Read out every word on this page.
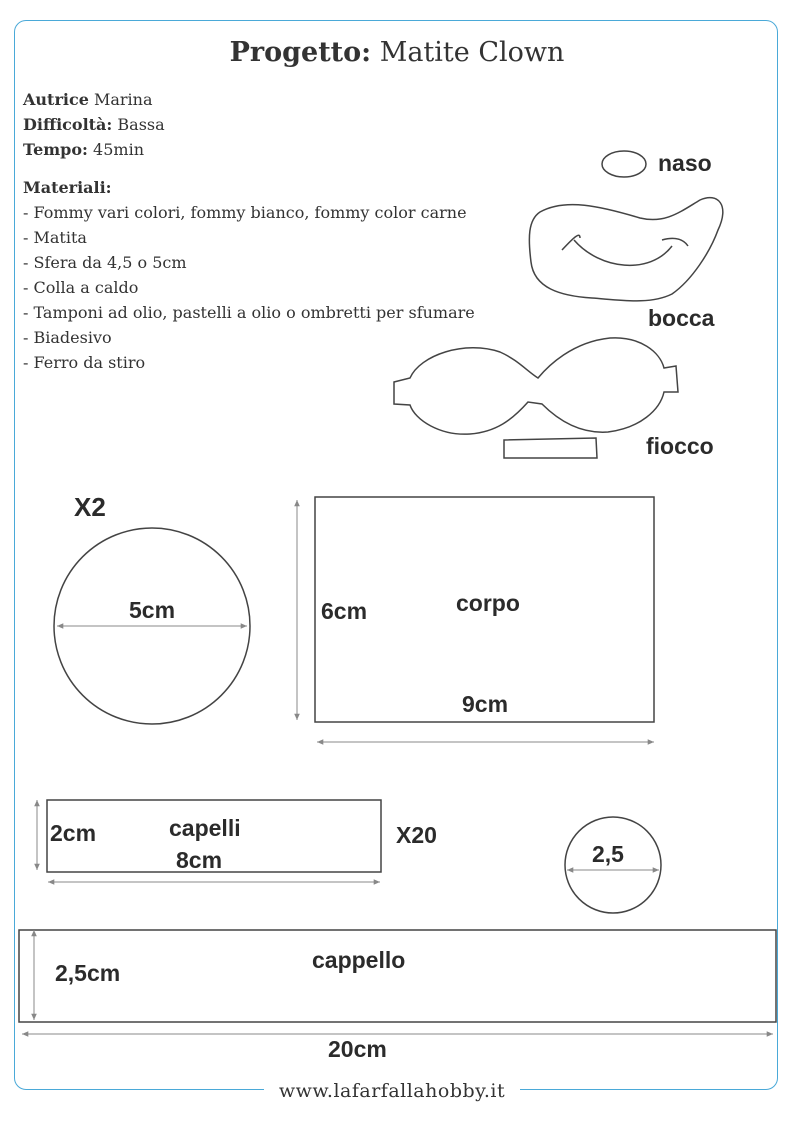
Progetto: Matite Clown
Autrice Marina
Difficoltà: Bassa
Tempo: 45min
Materiali:
- Fommy vari colori, fommy bianco, fommy color carne
- Matita
- Sfera da 4,5 o 5cm
- Colla a caldo
- Tamponi ad olio, pastelli a olio o ombretti per sfumare
- Biadesivo
- Ferro da stiro
naso
bocca
fiocco
X2
5cm	corpo
6cm
9cm
capelli
2cm
8cm
X20
2,5
cappello
2,5cm
20cm
www.lafarfallahobby.it
